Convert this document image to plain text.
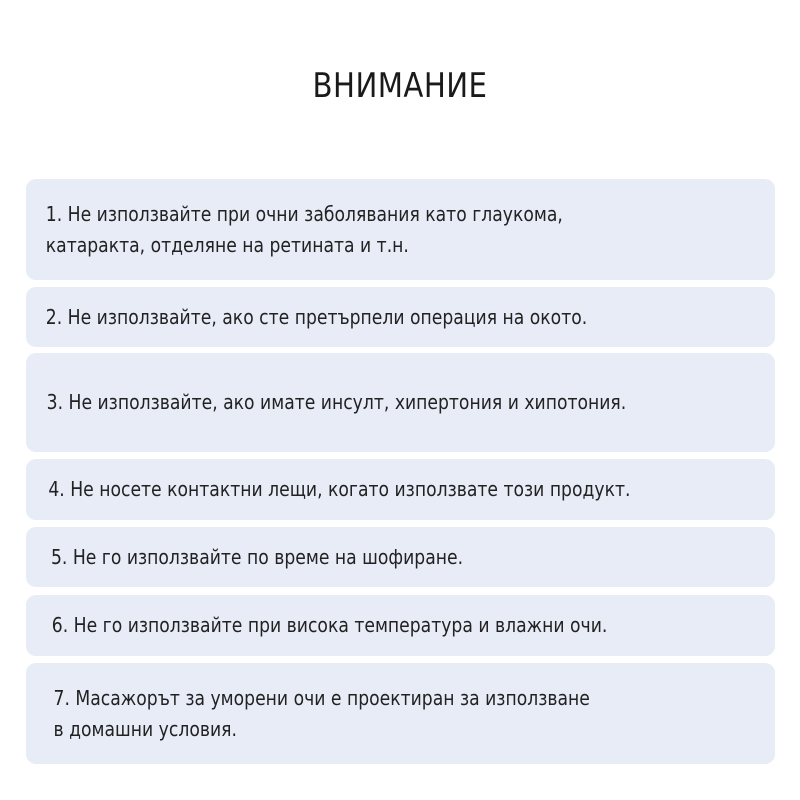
ВНИМАНИЕ
1. Не използвайте при очни заболявания като глаукома,
катаракта, отделяне на ретината и т.н.
2. Не използвайте, ако сте претърпели операция на окото.
3. Не използвайте, ако имате инсулт, хипертония и хипотония.
4. Не носете контактни лещи, когато използвате този продукт.
5. Не го използвайте по време на шофиране.
6. Не го използвайте при висока температура и влажни очи.
7. Масажорът за уморени очи е проектиран за използване
в домашни условия.
